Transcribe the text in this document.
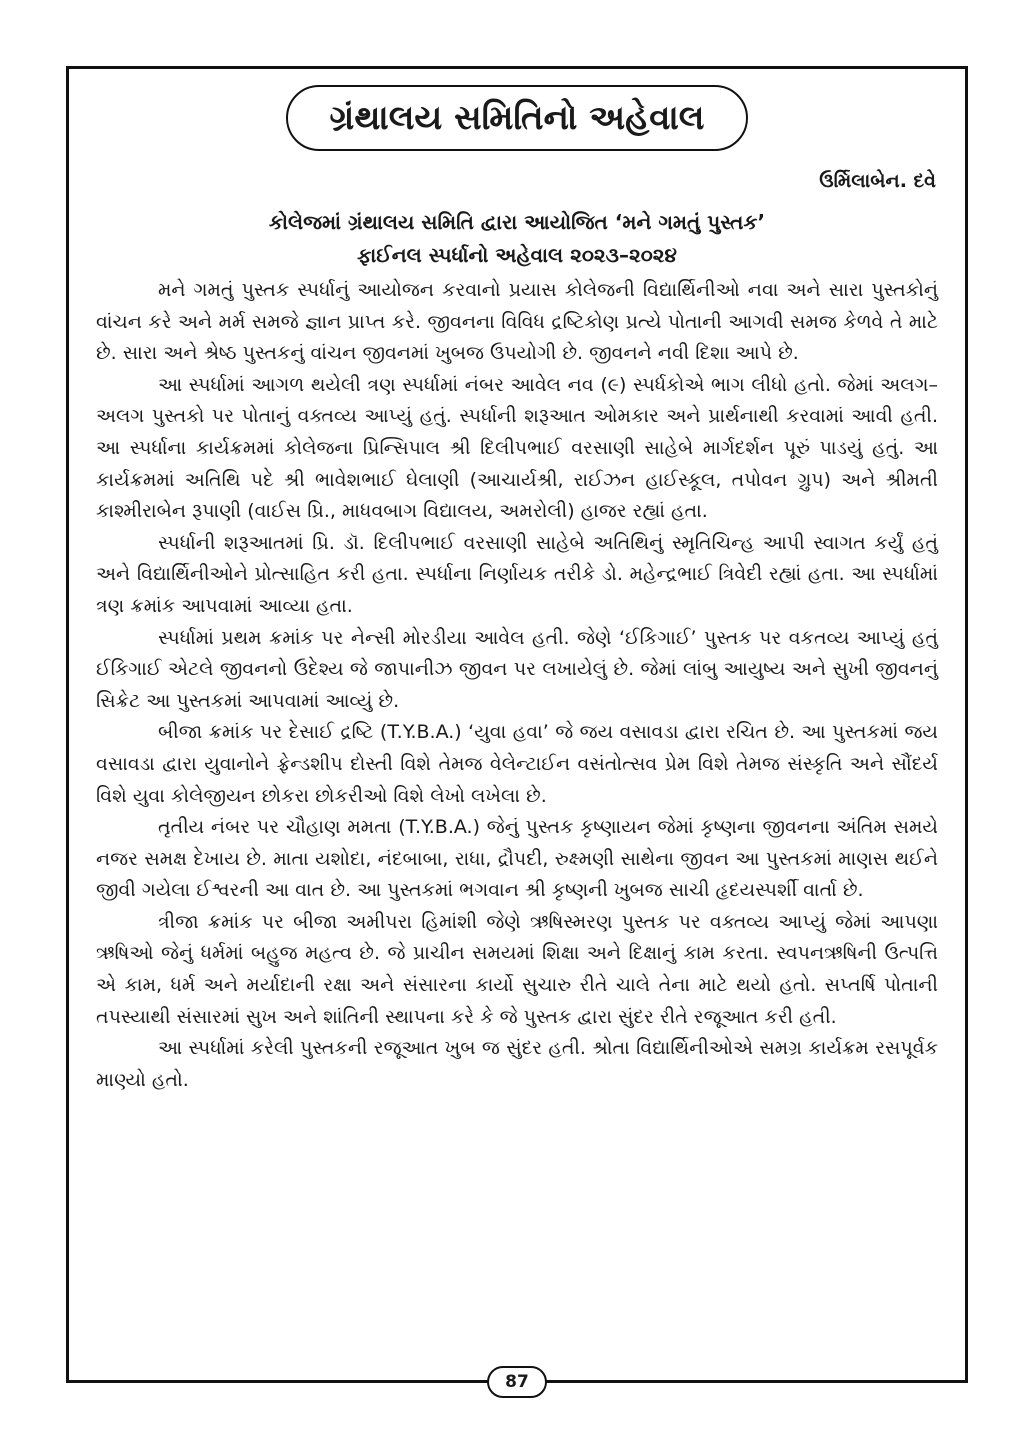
ગ્રંથાલય સમિતિનો અહેવાલ
ઉર્મિલાબેન. દવે
કોલેજમાં ગ્રંથાલય સમિતિ દ્વારા આયોજિત ‘મને ગમતું પુસ્તક’
ફાઈનલ સ્પર્ધાનો અહેવાલ ૨૦૨૩–૨૦૨૪

મને ગમતું પુસ્તક સ્પર્ધાનું આયોજન કરવાનો પ્રયાસ કોલેજની વિદ્યાર્થિનીઓ નવા અને સારા પુસ્તકોનું વાંચન કરે અને મર્મ સમજે જ્ઞાન પ્રાપ્ત કરે. જીવનના વિવિધ દ્રષ્ટિકોણ પ્રત્યે પોતાની આગવી સમજ કેળવે તે માટે છે. સારા અને શ્રેષ્ઠ પુસ્તકનું વાંચન જીવનમાં ખુબજ ઉપયોગી છે. જીવનને નવી દિશા આપે છે.

આ સ્પર્ધામાં આગળ થયેલી ત્રણ સ્પર્ધામાં નંબર આવેલ નવ (૯) સ્પર્ધકોએ ભાગ લીધો હતો. જેમાં અલગ–અલગ પુસ્તકો પર પોતાનું વક્તવ્ય આપ્યું હતું. સ્પર્ધાની શરૂઆત ઓમકાર અને પ્રાર્થનાથી કરવામાં આવી હતી. આ સ્પર્ધાના કાર્યક્રમમાં કોલેજના પ્રિન્સિપાલ શ્રી દિલીપભાઈ વરસાણી સાહેબે માર્ગદર્શન પૂરું પાડયું હતું. આ કાર્યક્રમમાં અતિથિ પદે શ્રી ભાવેશભાઈ ઘેલાણી (આચાર્યશ્રી, રાઈઝન હાઈસ્કૂલ, તપોવન ગ્રુપ) અને શ્રીમતી કાશ્મીરાબેન રૂપાણી (વાઈસ પ્રિ., માધવબાગ વિદ્યાલય, અમરોલી) હાજર રહ્યાં હતા.

સ્પર્ધાની શરૂઆતમાં પ્રિ. ડૉ. દિલીપભાઈ વરસાણી સાહેબે અતિથિનું સ્મૃતિચિન્હ આપી સ્વાગત કર્યું હતું અને વિદ્યાર્થિનીઓને પ્રોત્સાહિત કરી હતા. સ્પર્ધાના નિર્ણાયક તરીકે ડો. મહેન્દ્રભાઈ ત્રિવેદી રહ્યાં હતા. આ સ્પર્ધામાં ત્રણ ક્રમાંક આપવામાં આવ્યા હતા.

સ્પર્ધામાં પ્રથમ ક્રમાંક પર નેન્સી મોરડીયા આવેલ હતી. જેણે ‘ઈકિગાઈ’ પુસ્તક પર વકતવ્ય આપ્યું હતું ઈકિગાઈ એટલે જીવનનો ઉદેશ્ય જે જાપાનીઝ જીવન પર લખાયેલું છે. જેમાં લાંબુ આયુષ્ય અને સુખી જીવનનું સિક્રેટ આ પુસ્તકમાં આપવામાં આવ્યું છે.

બીજા ક્રમાંક પર દેસાઈ દ્રષ્ટિ (T.Y.B.A.) ‘યુવા હવા’ જે જય વસાવડા દ્વારા રચિત છે. આ પુસ્તકમાં જય વસાવડા દ્વારા યુવાનોને ફ્રેન્ડશીપ દોસ્તી વિશે તેમજ વેલેન્ટાઈન વસંતોત્સવ પ્રેમ વિશે તેમજ સંસ્કૃતિ અને સૌંદર્ય વિશે યુવા કોલેજીયન છોકરા છોકરીઓ વિશે લેખો લખેલા છે.

તૃતીય નંબર પર ચૌહાણ મમતા (T.Y.B.A.) જેનું પુસ્તક કૃષ્ણાયન જેમાં કૃષ્ણના જીવનના અંતિમ સમયે નજર સમક્ષ દેખાય છે. માતા યશોદા, નંદબાબા, રાધા, દ્રૌપદી, રુક્ષ્મણી સાથેના જીવન આ પુસ્તકમાં માણસ થઈને જીવી ગયેલા ઈશ્વરની આ વાત છે. આ પુસ્તકમાં ભગવાન શ્રી કૃષ્ણની ખુબજ સાચી હૃદયસ્પર્શી વાર્તા છે.

ત્રીજા ક્રમાંક પર બીજા અમીપરા હિમાંશી જેણે ઋષિસ્મરણ પુસ્તક પર વક્તવ્ય આપ્યું જેમાં આપણા ઋષિઓ જેનું ધર્મમાં બહુજ મહત્વ છે. જે પ્રાચીન સમયમાં શિક્ષા અને દિક્ષાનું કામ કરતા. સ્વપનઋષિની ઉત્પત્તિ એ કામ, ધર્મ અને મર્યાદાની રક્ષા અને સંસારના કાર્યો સુચારુ રીતે ચાલે તેના માટે થયો હતો. સપ્તર્ષિ પોતાની તપસ્યાથી સંસારમાં સુખ અને શાંતિની સ્થાપના કરે કે જે પુસ્તક દ્વારા સુંદર રીતે રજૂઆત કરી હતી.

આ સ્પર્ધામાં કરેલી પુસ્તકની રજૂઆત ખુબ જ સુંદર હતી. શ્રોતા વિદ્યાર્થિનીઓએ સમગ્ર કાર્યક્રમ રસપૂર્વક માણ્યો હતો.

87
